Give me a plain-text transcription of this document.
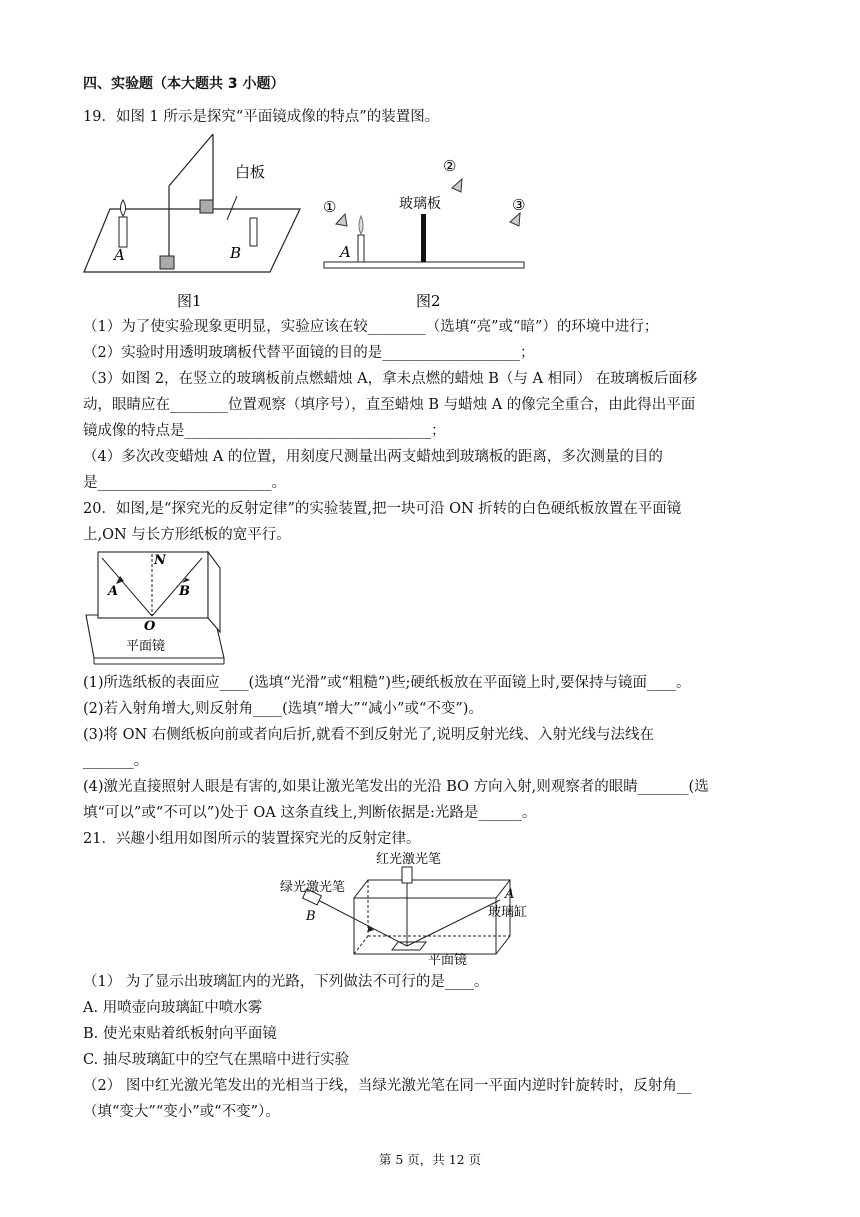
四、实验题（本大题共 3 小题）
19．如图 1 所示是探究“平面镜成像的特点”的装置图。
白板
A	B
图1
A
玻璃板
①
②
③
图2
（1）为了使实验现象更明显，实验应该在较________（选填“亮”或“暗”）的环境中进行；
（2）实验时用透明玻璃板代替平面镜的目的是___________________；
（3）如图 2，在竖立的玻璃板前点燃蜡烛 A，拿未点燃的蜡烛 B（与 A 相同） 在玻璃板后面移
动，眼睛应在________位置观察（填序号），直至蜡烛 B 与蜡烛 A 的像完全重合，由此得出平面
镜成像的特点是__________________________________；
（4）多次改变蜡烛 A 的位置，用刻度尺测量出两支蜡烛到玻璃板的距离，多次测量的目的
是________________________。
20．如图,是“探究光的反射定律”的实验装置,把一块可沿 ON 折转的白色硬纸板放置在平面镜
上,ON 与长方形纸板的宽平行。
N
A	B
O
平面镜
(1)所选纸板的表面应____(选填“光滑”或“粗糙”)些;硬纸板放在平面镜上时,要保持与镜面____。
(2)若入射角增大,则反射角____(选填“增大”“减小”或“不变”)。
(3)将 ON 右侧纸板向前或者向后折,就看不到反射光了,说明反射光线、入射光线与法线在
_______。
(4)激光直接照射人眼是有害的,如果让激光笔发出的光沿 BO 方向入射,则观察者的眼睛_______(选
填“可以”或“不可以”)处于 OA 这条直线上,判断依据是:光路是______。
21．兴趣小组用如图所示的装置探究光的反射定律。
红光激光笔
绿光激光笔
B
A
玻璃缸
平面镜
（1） 为了显示出玻璃缸内的光路，下列做法不可行的是____。
A. 用喷壶向玻璃缸中喷水雾
B. 使光束贴着纸板射向平面镜
C. 抽尽玻璃缸中的空气在黑暗中进行实验
（2） 图中红光激光笔发出的光相当于线，当绿光激光笔在同一平面内逆时针旋转时，反射角__
（填“变大”“变小”或“不变”）。
第 5 页，共 12 页
